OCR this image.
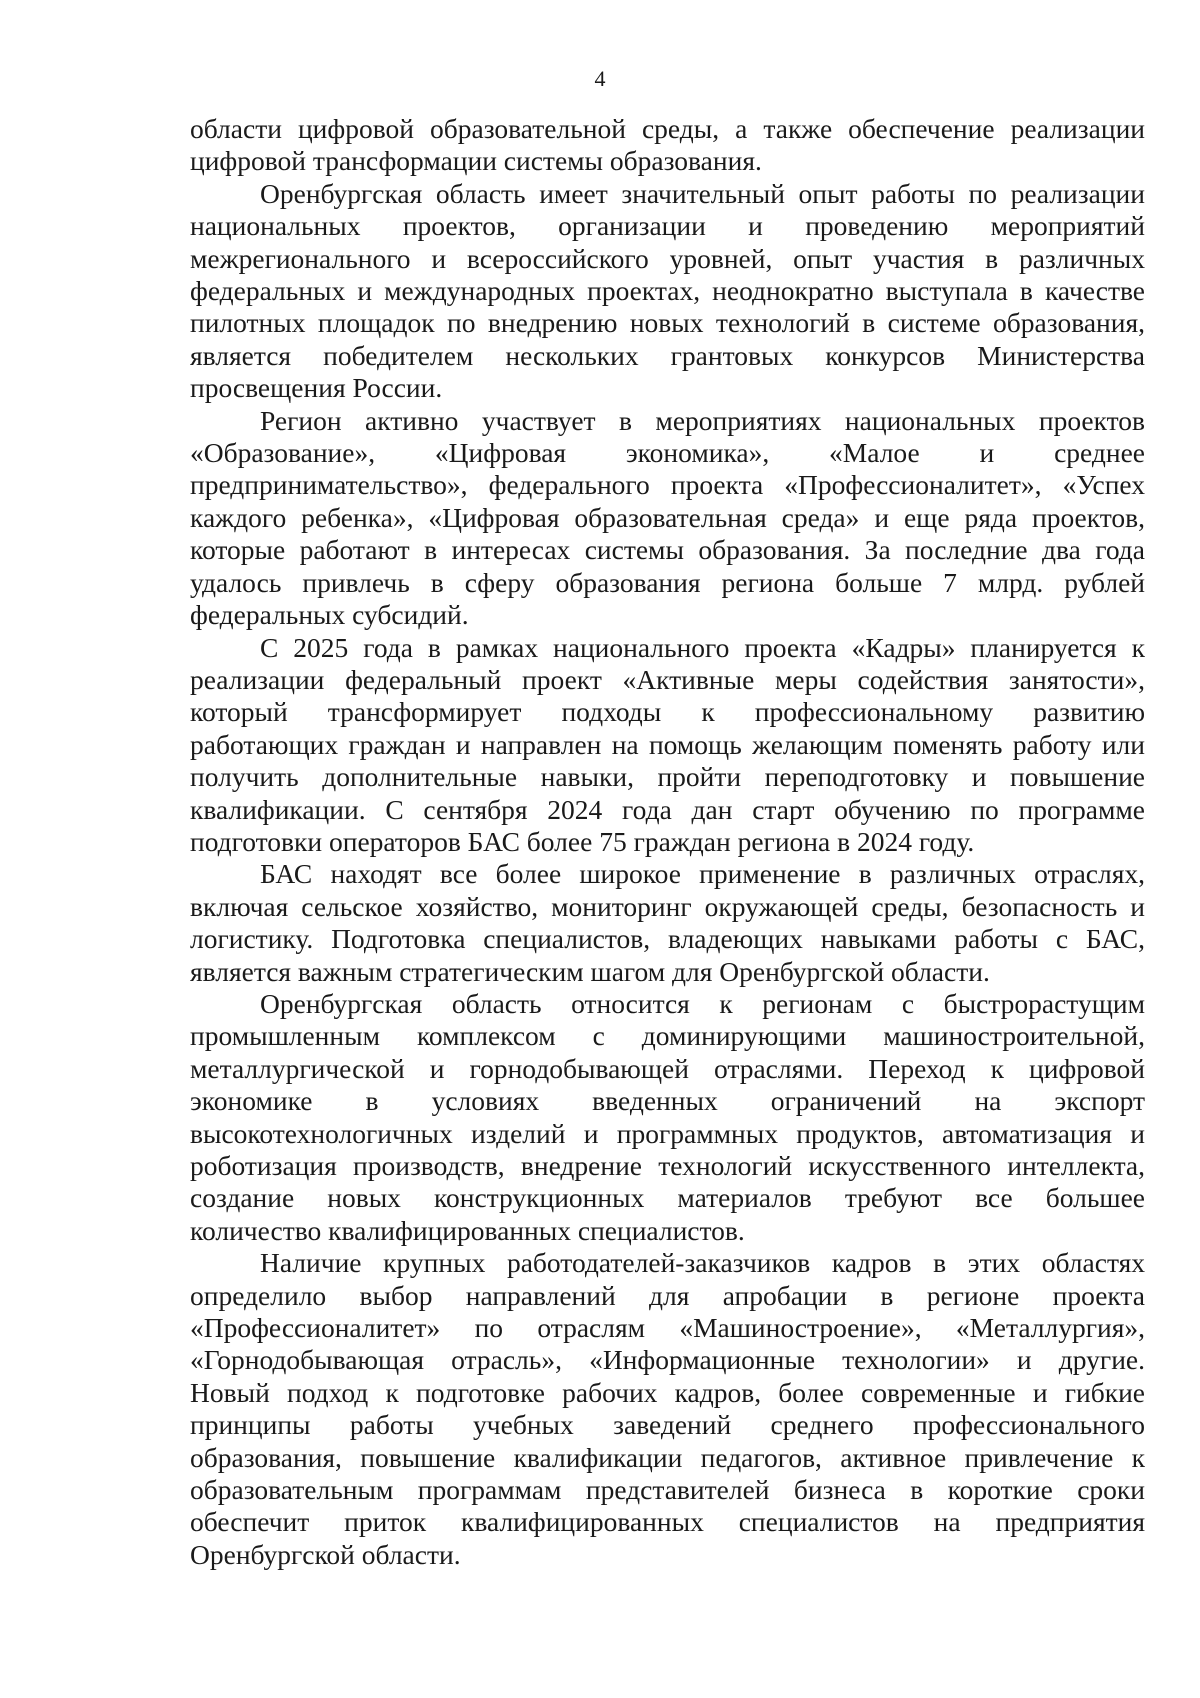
4
области цифровой образовательной среды, а также обеспечение реализации
цифровой трансформации системы образования.
Оренбургская область имеет значительный опыт работы по реализации
национальных проектов, организации и проведению мероприятий
межрегионального и всероссийского уровней, опыт участия в различных
федеральных и международных проектах, неоднократно выступала в качестве
пилотных площадок по внедрению новых технологий в системе образования,
является победителем нескольких грантовых конкурсов Министерства
просвещения России.
Регион активно участвует в мероприятиях национальных проектов
«Образование», «Цифровая экономика», «Малое и среднее
предпринимательство», федерального проекта «Профессионалитет», «Успех
каждого ребенка», «Цифровая образовательная среда» и еще ряда проектов,
которые работают в интересах системы образования. За последние два года
удалось привлечь в сферу образования региона больше 7 млрд. рублей
федеральных субсидий.
С 2025 года в рамках национального проекта «Кадры» планируется к
реализации федеральный проект «Активные меры содействия занятости»,
который трансформирует подходы к профессиональному развитию
работающих граждан и направлен на помощь желающим поменять работу или
получить дополнительные навыки, пройти переподготовку и повышение
квалификации. С сентября 2024 года дан старт обучению по программе
подготовки операторов БАС более 75 граждан региона в 2024 году.
БАС находят все более широкое применение в различных отраслях,
включая сельское хозяйство, мониторинг окружающей среды, безопасность и
логистику. Подготовка специалистов, владеющих навыками работы с БАС,
является важным стратегическим шагом для Оренбургской области.
Оренбургская область относится к регионам с быстрорастущим
промышленным комплексом с доминирующими машиностроительной,
металлургической и горнодобывающей отраслями. Переход к цифровой
экономике в условиях введенных ограничений на экспорт
высокотехнологичных изделий и программных продуктов, автоматизация и
роботизация производств, внедрение технологий искусственного интеллекта,
создание новых конструкционных материалов требуют все большее
количество квалифицированных специалистов.
Наличие крупных работодателей-заказчиков кадров в этих областях
определило выбор направлений для апробации в регионе проекта
«Профессионалитет» по отраслям «Машиностроение», «Металлургия»,
«Горнодобывающая отрасль», «Информационные технологии» и другие.
Новый подход к подготовке рабочих кадров, более современные и гибкие
принципы работы учебных заведений среднего профессионального
образования, повышение квалификации педагогов, активное привлечение к
образовательным программам представителей бизнеса в короткие сроки
обеспечит приток квалифицированных специалистов на предприятия
Оренбургской области.
